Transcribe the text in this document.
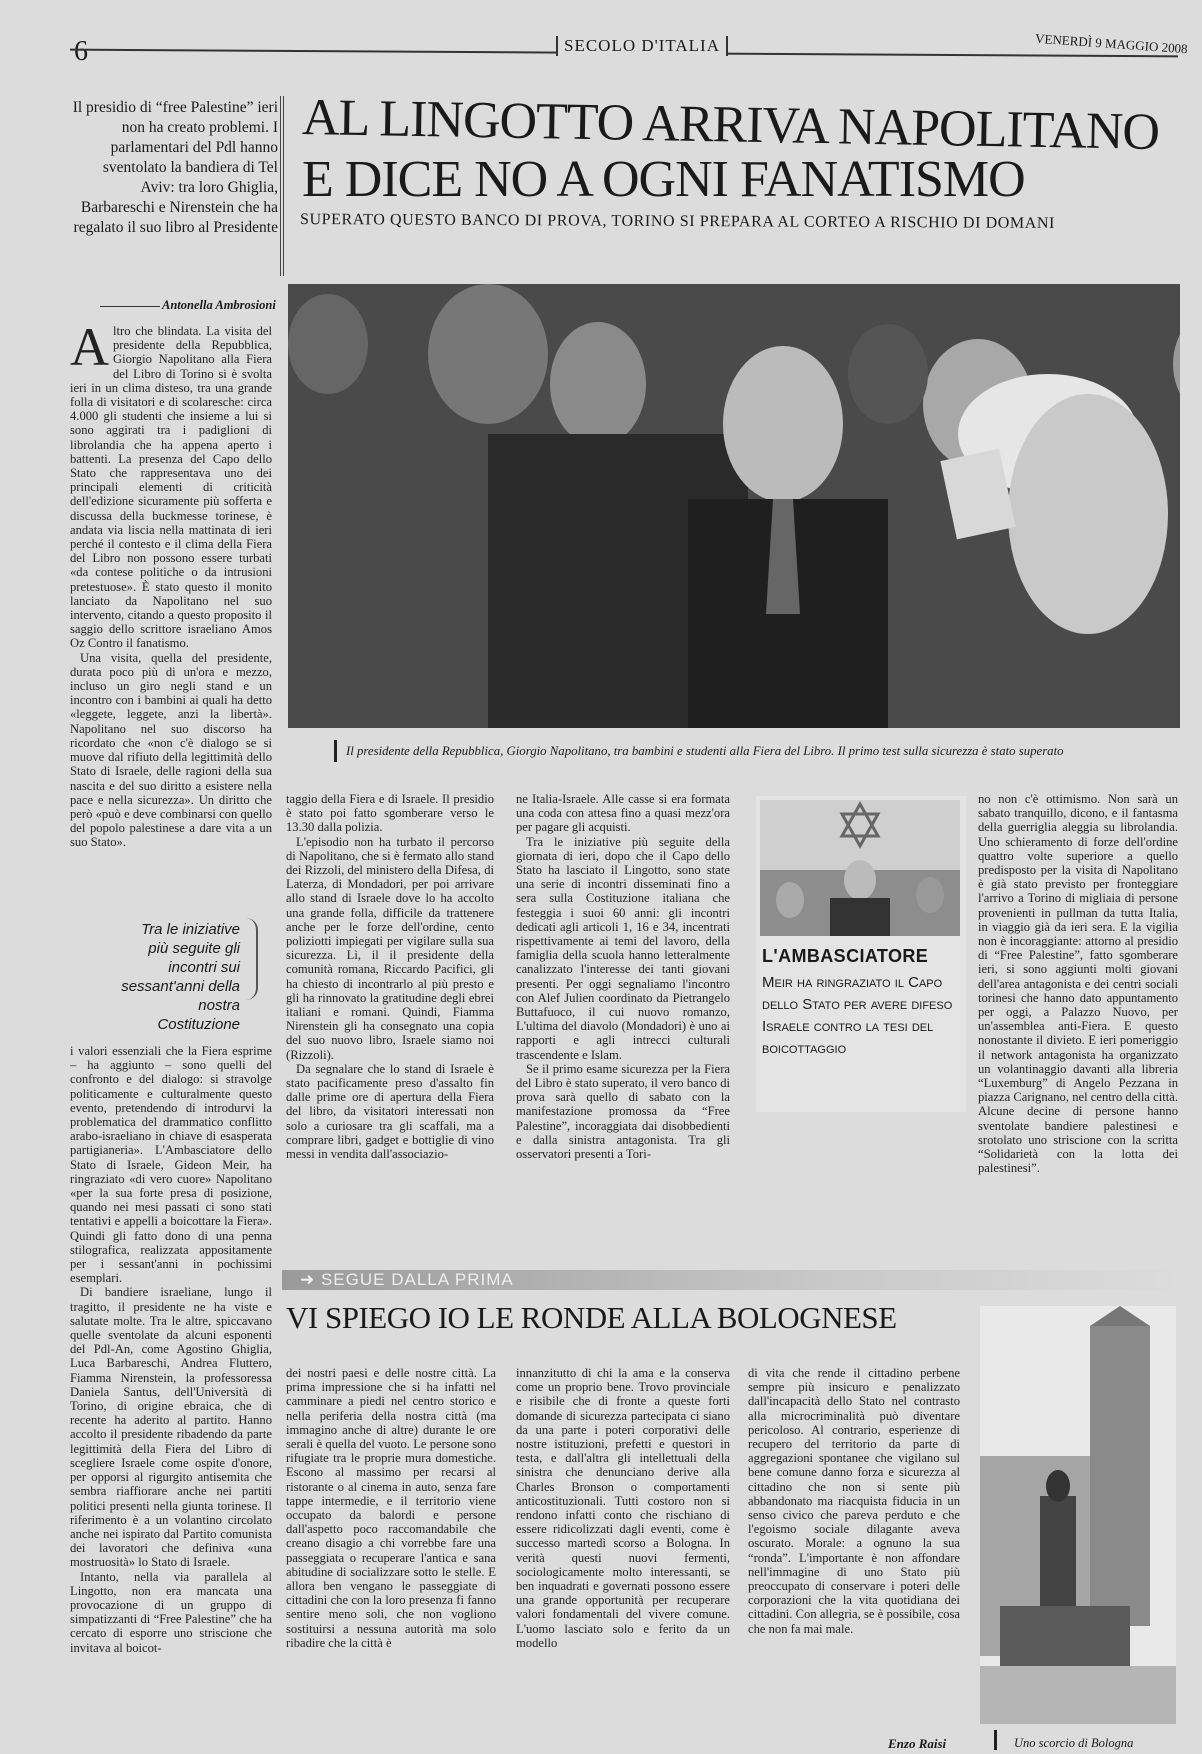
6	SECOLO D'ITALIA	VENERDÌ 9 MAGGIO 2008
Il presidio di “free Palestine” ieri non ha creato problemi. I parlamentari del Pdl hanno sventolato la bandiera di Tel Aviv: tra loro Ghiglia, Barbareschi e Nirenstein che ha regalato il suo libro al Presidente
Antonella Ambrosioni
AL LINGOTTO ARRIVA NAPOLITANO
E DICE NO A OGNI FANATISMO
SUPERATO QUESTO BANCO DI PROVA, TORINO SI PREPARA AL CORTEO A RISCHIO DI DOMANI
Il presidente della Repubblica, Giorgio Napolitano, tra bambini e studenti alla Fiera del Libro. Il primo test sulla sicurezza è stato superato
A ltro che blindata. La visita del presidente della Repubblica, Giorgio Napolitano alla Fiera del Libro di Torino si è svolta ieri in un clima disteso, tra una grande folla di visitatori e di scolaresche: circa 4.000 gli studenti che insieme a lui si sono aggirati tra i padiglioni di librolandia che ha appena aperto i battenti. La presenza del Capo dello Stato che rappresentava uno dei principali elementi di criticità dell'edizione sicuramente più sofferta e discussa della buckmesse torinese, è andata via liscia nella mattinata di ieri perché il contesto e il clima della Fiera del Libro non possono essere turbati «da contese politiche o da intrusioni pretestuose». È stato questo il monito lanciato da Napolitano nel suo intervento, citando a questo proposito il saggio dello scrittore israeliano Amos Oz Contro il fanatismo.

Una visita, quella del presidente, durata poco più di un'ora e mezzo, incluso un giro negli stand e un incontro con i bambini ai quali ha detto «leggete, leggete, anzi la libertà». Napolitano nel suo discorso ha ricordato che «non c'è dialogo se si muove dal rifiuto della legittimità dello Stato di Israele, delle ragioni della sua nascita e del suo diritto a esistere nella pace e nella sicurezza». Un diritto che però «può e deve combinarsi con quello del popolo palestinese a dare vita a un suo Stato».

Tra le iniziative più seguite gli incontri sui sessant'anni della nostra Costituzione

i valori essenziali che la Fiera esprime – ha aggiunto – sono quelli del confronto e del dialogo: si stravolge politicamente e culturalmente questo evento, pretendendo di introdurvi la problematica del drammatico conflitto arabo-israeliano in chiave di esasperata partigianeria». L'Ambasciatore dello Stato di Israele, Gideon Meir, ha ringraziato «di vero cuore» Napolitano «per la sua forte presa di posizione, quando nei mesi passati ci sono stati tentativi e appelli a boicottare la Fiera». Quindi gli fatto dono di una penna stilografica, realizzata appositamente per i sessant'anni in pochissimi esemplari.

Di bandiere israeliane, lungo il tragitto, il presidente ne ha viste e salutate molte. Tra le altre, spiccavano quelle sventolate da alcuni esponenti del Pdl-An, come Agostino Ghiglia, Luca Barbareschi, Andrea Fluttero, Fiamma Nirenstein, la professoressa Daniela Santus, dell'Università di Torino, di origine ebraica, che di recente ha aderito al partito. Hanno accolto il presidente ribadendo da parte legittimità della Fiera del Libro di scegliere Israele come ospite d'onore, per opporsi al rigurgito antisemita che sembra riaffiorare anche nei partiti politici presenti nella giunta torinese. Il riferimento è a un volantino circolato anche nei ispirato dal Partito comunista dei lavoratori che definiva «una mostruosità» lo Stato di Israele.

Intanto, nella via parallela al Lingotto, non era mancata una provocazione di un gruppo di simpatizzanti di “Free Palestine” che ha cercato di esporre uno striscione che invitava al boicot-

taggio della Fiera e di Israele. Il presidio è stato poi fatto sgomberare verso le 13.30 dalla polizia.

L'episodio non ha turbato il percorso di Napolitano, che si è fermato allo stand dei Rizzoli, del ministero della Difesa, di Laterza, di Mondadori, per poi arrivare allo stand di Israele dove lo ha accolto una grande folla, difficile da trattenere anche per le forze dell'ordine, cento poliziotti impiegati per vigilare sulla sua sicurezza. Lì, il il presidente della comunità romana, Riccardo Pacifici, gli ha chiesto di incontrarlo al più presto e gli ha rinnovato la gratitudine degli ebrei italiani e romani. Quindi, Fiamma Nirenstein gli ha consegnato una copia del suo nuovo libro, Israele siamo noi (Rizzoli).

Da segnalare che lo stand di Israele è stato pacificamente preso d'assalto fin dalle prime ore di apertura della Fiera del libro, da visitatori interessati non solo a curiosare tra gli scaffali, ma a comprare libri, gadget e bottiglie di vino messi in vendita dall'associazio-

ne Italia-Israele. Alle casse si era formata una coda con attesa fino a quasi mezz'ora per pagare gli acquisti.

Tra le iniziative più seguite della giornata di ieri, dopo che il Capo dello Stato ha lasciato il Lingotto, sono state una serie di incontri disseminati fino a sera sulla Costituzione italiana che festeggia i suoi 60 anni: gli incontri dedicati agli articoli 1, 16 e 34, incentrati rispettivamente ai temi del lavoro, della famiglia della scuola hanno letteralmente canalizzato l'interesse dei tanti giovani presenti. Per oggi segnaliamo l'incontro con Alef Julien coordinato da Pietrangelo Buttafuoco, il cui nuovo romanzo, L'ultima del diavolo (Mondadori) è uno ai rapporti e agli intrecci culturali trascendente e Islam.

Se il primo esame sicurezza per la Fiera del Libro è stato superato, il vero banco di prova sarà quello di sabato con la manifestazione promossa da “Free Palestine”, incoraggiata dai disobbedienti e dalla sinistra antagonista. Tra gli osservatori presenti a Tori-

L'AMBASCIATORE
Meir ha ringraziato il Capo dello Stato per avere difeso Israele contro la tesi del boicottaggio

no non c'è ottimismo. Non sarà un sabato tranquillo, dicono, e il fantasma della guerriglia aleggia su librolandia. Uno schieramento di forze dell'ordine quattro volte superiore a quello predisposto per la visita di Napolitano è già stato previsto per fronteggiare l'arrivo a Torino di migliaia di persone provenienti in pullman da tutta Italia, in viaggio già da ieri sera. E la vigilia non è incoraggiante: attorno al presidio di “Free Palestine”, fatto sgomberare ieri, si sono aggiunti molti giovani dell'area antagonista e dei centri sociali torinesi che hanno dato appuntamento per oggi, a Palazzo Nuovo, per un'assemblea anti-Fiera. E questo nonostante il divieto. E ieri pomeriggio il network antagonista ha organizzato un volantinaggio davanti alla libreria “Luxemburg” di Angelo Pezzana in piazza Carignano, nel centro della città. Alcune decine di persone hanno sventolate bandiere palestinesi e srotolato uno striscione con la scritta “Solidarietà con la lotta dei palestinesi”.

➜ SEGUE DALLA PRIMA
VI SPIEGO IO LE RONDE ALLA BOLOGNESE

dei nostri paesi e delle nostre città. La prima impressione che si ha infatti nel camminare a piedi nel centro storico e nella periferia della nostra città (ma immagino anche di altre) durante le ore serali è quella del vuoto. Le persone sono rifugiate tra le proprie mura domestiche. Escono al massimo per recarsi al ristorante o al cinema in auto, senza fare tappe intermedie, e il territorio viene occupato da balordi e persone dall'aspetto poco raccomandabile che creano disagio a chi vorrebbe fare una passeggiata o recuperare l'antica e sana abitudine di socializzare sotto le stelle. E allora ben vengano le passeggiate di cittadini che con la loro presenza fi fanno sentire meno soli, che non vogliono sostituirsi a nessuna autorità ma solo ribadire che la città è

innanzitutto di chi la ama e la conserva come un proprio bene. Trovo provinciale e risibile che di fronte a queste forti domande di sicurezza partecipata ci siano da una parte i poteri corporativi delle nostre istituzioni, prefetti e questori in testa, e dall'altra gli intellettuali della sinistra che denunciano derive alla Charles Bronson o comportamenti anticostituzionali. Tutti costoro non si rendono infatti conto che rischiano di essere ridicolizzati dagli eventi, come è successo martedì scorso a Bologna. In verità questi nuovi fermenti, sociologicamente molto interessanti, se ben inquadrati e governati possono essere una grande opportunità per recuperare valori fondamentali del vivere comune. L'uomo lasciato solo e ferito da un modello

di vita che rende il cittadino perbene sempre più insicuro e penalizzato dall'incapacità dello Stato nel contrasto alla microcriminalità può diventare pericoloso. Al contrario, esperienze di recupero del territorio da parte di aggregazioni spontanee che vigilano sul bene comune danno forza e sicurezza al cittadino che non si sente più abbandonato ma riacquista fiducia in un senso civico che pareva perduto e che l'egoismo sociale dilagante aveva oscurato. Morale: a ognuno la sua “ronda”. L'importante è non affondare nell'immagine di uno Stato più preoccupato di conservare i poteri delle corporazioni che la vita quotidiana dei cittadini. Con allegria, se è possibile, cosa che non fa mai male.

Enzo Raisi	Uno scorcio di Bologna
